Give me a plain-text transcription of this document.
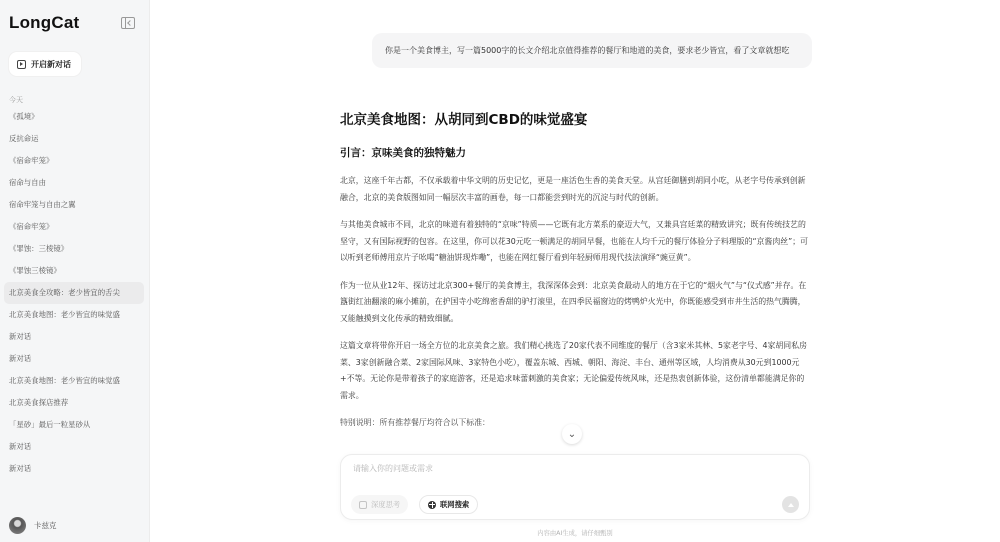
LongCat
开启新对话
今天
《孤境》
反抗命运
《宿命牢笼》
宿命与自由
宿命牢笼与自由之翼
《宿命牢笼》
《罪蚀：三棱镜》
《罪蚀三棱镜》
北京美食全攻略：老少皆宜的舌尖
北京美食地图：老少皆宜的味觉盛
新对话
新对话
北京美食地图：老少皆宜的味觉盛
北京美食探店推荐
「星砂」最后一粒星砂从
新对话
新对话
卡兹克
你是一个美食博主，写一篇5000字的长文介绍北京值得推荐的餐厅和地道的美食，要求老少皆宜，看了文章就想吃
北京美食地图：从胡同到CBD的味觉盛宴
引言：京味美食的独特魅力

北京，这座千年古都，不仅承载着中华文明的历史记忆，更是一座活色生香的美食天堂。从宫廷御膳到胡同小吃，从老字号传承到创新融合，北京的美食版图如同一幅层次丰富的画卷，每一口都能尝到时光的沉淀与时代的创新。

与其他美食城市不同，北京的味道有着独特的“京味”特质——它既有北方菜系的豪迈大气，又兼具宫廷菜的精致讲究；既有传统技艺的坚守，又有国际视野的包容。在这里，你可以花30元吃一顿满足的胡同早餐，也能在人均千元的餐厅体验分子料理版的“京酱肉丝”；可以听到老师傅用京片子吆喝“糖油饼现炸嘞”，也能在网红餐厅看到年轻厨师用现代技法演绎“豌豆黄”。

作为一位从业12年、探访过北京300+餐厅的美食博主，我深深体会到：北京美食最动人的地方在于它的“烟火气”与“仪式感”并存。在簋街红油翻滚的麻小摊前，在护国寺小吃绵密香甜的驴打滚里，在四季民福窗边的烤鸭炉火光中，你既能感受到市井生活的热气腾腾，又能触摸到文化传承的精致细腻。

这篇文章将带你开启一场全方位的北京美食之旅。我们精心挑选了20家代表不同维度的餐厅（含3家米其林、5家老字号、4家胡同私房菜、3家创新融合菜、2家国际风味、3家特色小吃），覆盖东城、西城、朝阳、海淀、丰台、通州等区域，人均消费从30元到1000元+不等。无论你是带着孩子的家庭游客，还是追求味蕾刺激的美食家；无论偏爱传统风味，还是热衷创新体验，这份清单都能满足你的需求。

特别说明：所有推荐餐厅均符合以下标准：

⌄
请输入你的问题或需求
深度思考	联网搜索
内容由AI生成，请仔细甄别
